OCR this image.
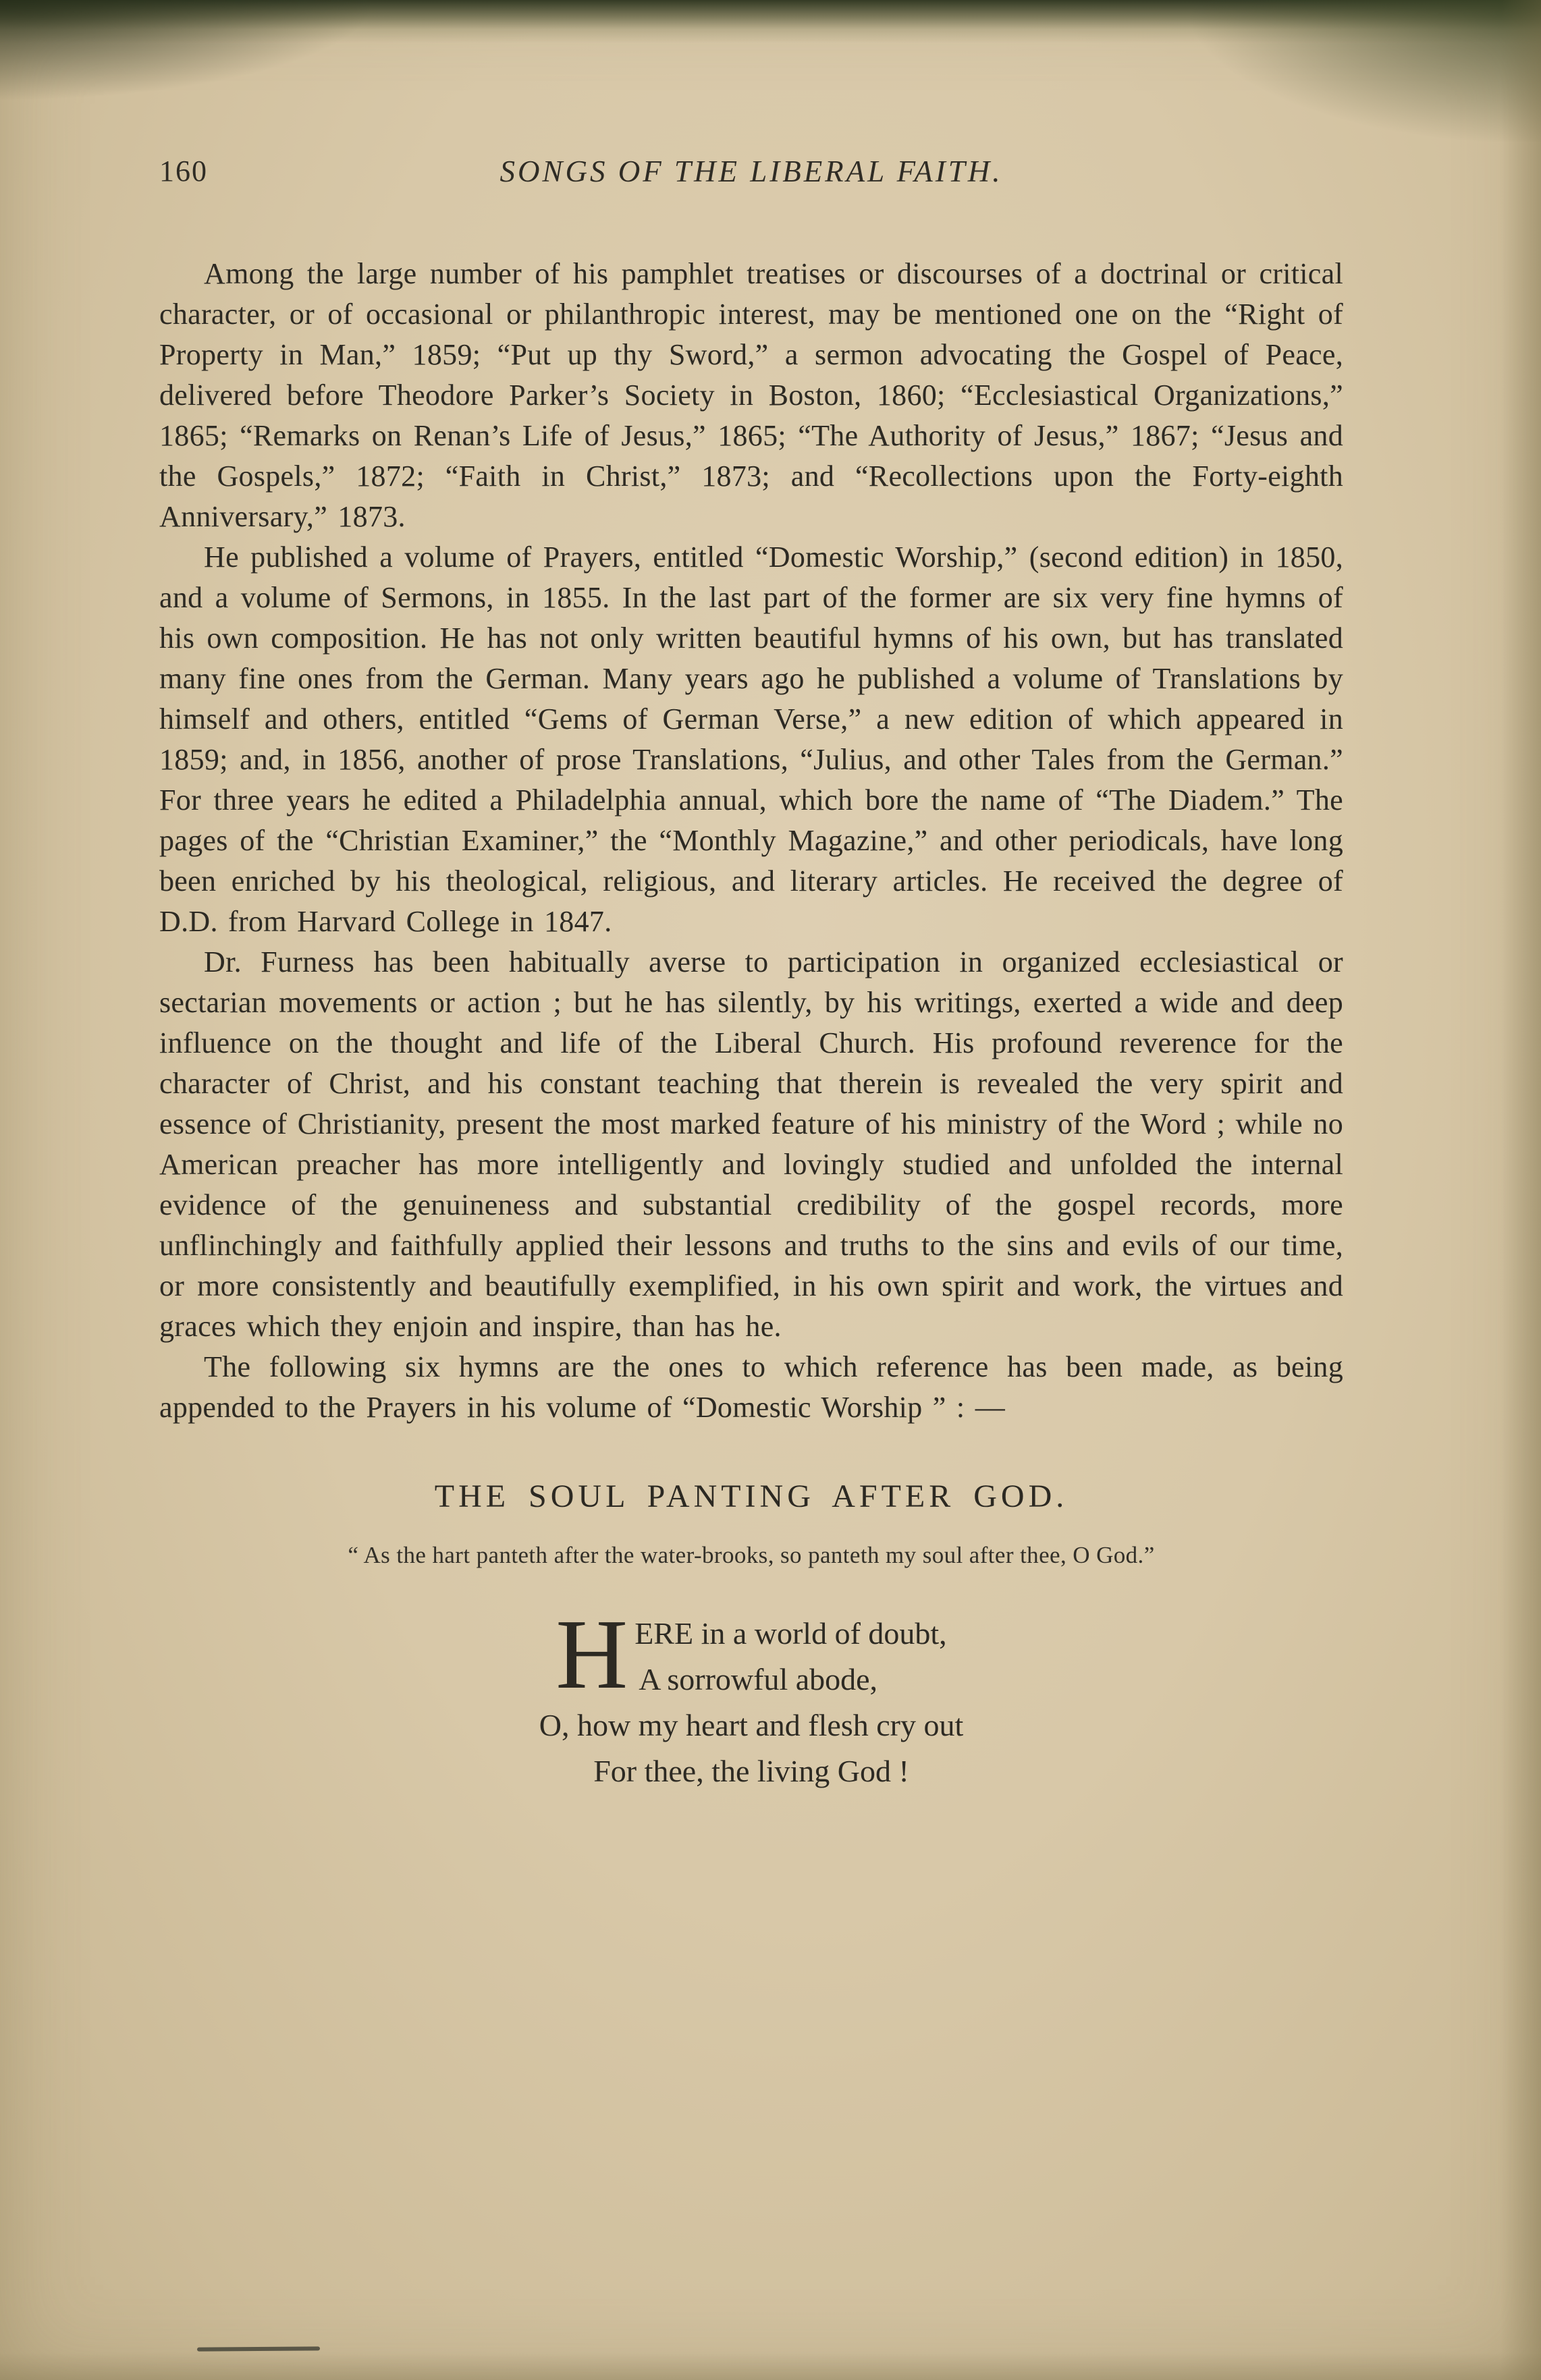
160	SONGS OF THE LIBERAL FAITH.

Among the large number of his pamphlet treatises or discourses of a doctrinal or critical character, or of occasional or philanthropic interest, may be mentioned one on the “Right of Property in Man,” 1859; “Put up thy Sword,” a sermon advocating the Gospel of Peace, delivered before Theodore Parker’s Society in Boston, 1860; “Ecclesiastical Organizations,” 1865; “Remarks on Renan’s Life of Jesus,” 1865; “The Authority of Jesus,” 1867; “Jesus and the Gospels,” 1872; “Faith in Christ,” 1873; and “Recollections upon the Forty-eighth Anniversary,” 1873.

He published a volume of Prayers, entitled “Domestic Worship,” (second edition) in 1850, and a volume of Sermons, in 1855. In the last part of the former are six very fine hymns of his own composition. He has not only written beautiful hymns of his own, but has translated many fine ones from the German. Many years ago he published a volume of Translations by himself and others, entitled “Gems of German Verse,” a new edition of which appeared in 1859; and, in 1856, another of prose Translations, “Julius, and other Tales from the German.” For three years he edited a Philadelphia annual, which bore the name of “The Diadem.” The pages of the “Christian Examiner,” the “Monthly Magazine,” and other periodicals, have long been enriched by his theological, religious, and literary articles. He received the degree of D.D. from Harvard College in 1847.

Dr. Furness has been habitually averse to participation in organized ecclesiastical or sectarian movements or action ; but he has silently, by his writings, exerted a wide and deep influence on the thought and life of the Liberal Church. His profound reverence for the character of Christ, and his constant teaching that therein is revealed the very spirit and essence of Christianity, present the most marked feature of his ministry of the Word ; while no American preacher has more intelligently and lovingly studied and unfolded the internal evidence of the genuineness and substantial credibility of the gospel records, more unflinchingly and faithfully applied their lessons and truths to the sins and evils of our time, or more consistently and beautifully exemplified, in his own spirit and work, the virtues and graces which they enjoin and inspire, than has he.

The following six hymns are the ones to which reference has been made, as being appended to the Prayers in his volume of “Domestic Worship ” : —

THE SOUL PANTING AFTER GOD.

“ As the hart panteth after the water-brooks, so panteth my soul after thee, O God.”

H ERE in a world of doubt,
A sorrowful abode,
O, how my heart and flesh cry out
For thee, the living God !
